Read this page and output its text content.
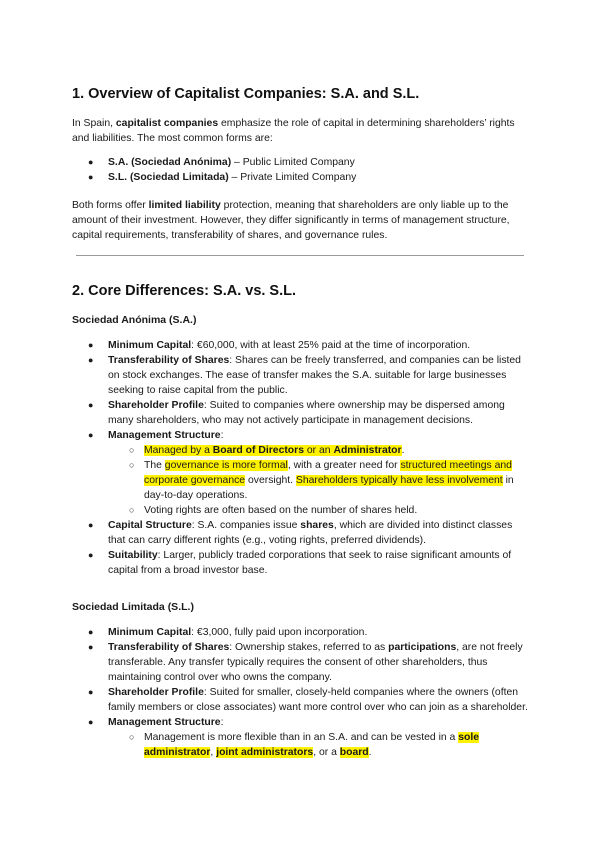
1. Overview of Capitalist Companies: S.A. and S.L.

In Spain, capitalist companies emphasize the role of capital in determining shareholders’ rights and liabilities. The most common forms are:

● S.A. (Sociedad Anónima) – Public Limited Company
● S.L. (Sociedad Limitada) – Private Limited Company

Both forms offer limited liability protection, meaning that shareholders are only liable up to the amount of their investment. However, they differ significantly in terms of management structure, capital requirements, transferability of shares, and governance rules.

2. Core Differences: S.A. vs. S.L.
Sociedad Anónima (S.A.)
● Minimum Capital: €60,000, with at least 25% paid at the time of incorporation.
● Transferability of Shares: Shares can be freely transferred, and companies can be listed on stock exchanges. The ease of transfer makes the S.A. suitable for large businesses seeking to raise capital from the public.
● Shareholder Profile: Suited to companies where ownership may be dispersed among many shareholders, who may not actively participate in management decisions.
● Management Structure:
○ Managed by a Board of Directors or an Administrator.
○ The governance is more formal, with a greater need for structured meetings and corporate governance oversight. Shareholders typically have less involvement in day-to-day operations.
○ Voting rights are often based on the number of shares held.
● Capital Structure: S.A. companies issue shares, which are divided into distinct classes that can carry different rights (e.g., voting rights, preferred dividends).
● Suitability: Larger, publicly traded corporations that seek to raise significant amounts of capital from a broad investor base.
Sociedad Limitada (S.L.)
● Minimum Capital: €3,000, fully paid upon incorporation.
● Transferability of Shares: Ownership stakes, referred to as participations, are not freely transferable. Any transfer typically requires the consent of other shareholders, thus maintaining control over who owns the company.
● Shareholder Profile: Suited for smaller, closely-held companies where the owners (often family members or close associates) want more control over who can join as a shareholder.
● Management Structure:
○ Management is more flexible than in an S.A. and can be vested in a sole administrator, joint administrators, or a board.
